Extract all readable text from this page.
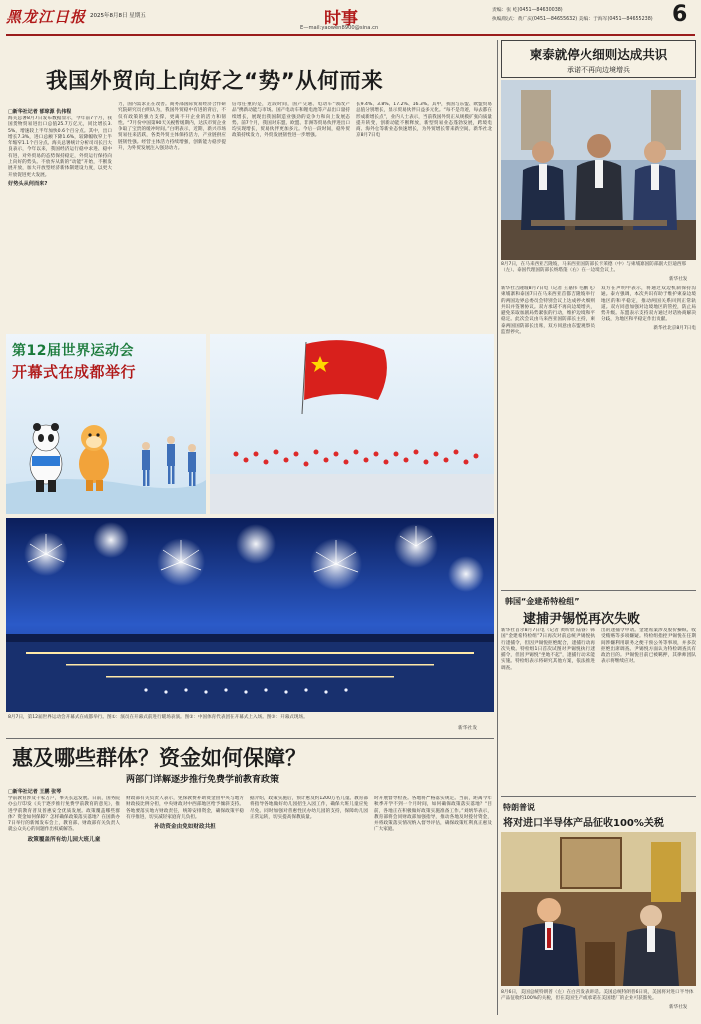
黑龙江日报 2025年8月8日 星期五	时事
E—mail:yaowen8900@sina.cn
责编：张 屹(0451—84630038)
执编/版式：黄广庆(0451—84655632) 美编：于海军(0451—84655238) 6
我国外贸向上向好之“势”从何而来
□新华社记者 郁琼源 仇伟程
海关总署8月7日发布数据显示，今年前7个月，我国货物贸易进出口总值25.7万亿元，同比增长3.5%，增速较上半年加快0.6个百分点。其中，出口增长7.3%，进口总额下降1.6%，较降幅收窄上半年缩窄1.1个百分点。海关总署统计分析司司长吕大良表示，今年以来，我国经济运行稳中求进、稳中有进，对外贸易的态势保持稳定，外贸运行保持向上向好的势头。不放弃从新的“动能”开始，不断发展开放，加大开放型经济新体制建设力度，以更大开放促进更大发展。
好势头从何而来?
力，国内需求正在改善。商务部国际贸易经济合作研究院研究员白明认为，我国外贸稳中有进的背后，不仅有政策的强力支撑，更离不开企业的活力和韧性。“7月份中国第90天关税暂缓期内，达沃市贸企业争取了宝贵的缓冲时间。”白明表示，近期，新兴市场贸易往来活跃，各类外贸主体保持活力，产业链供应链韧性强。经营主体活力持续增强，创新能力稳步提升，为外贸发展注入强劲动力。
信母任重的是，近段时间，国产交通、电动车“领改产品”携新动能与市场。国产电动车和锂电池等产品出口量持续增长，展现出我国制造业强劲的竞争力和向上发展态势。前7个月，我国对东盟、欧盟、非洲等贸易伙伴进出口均实现增长，贸易伙伴更加多元。今后一段时间，稳外贸政策持续发力，外贸发展韧性进一步增强。
长9.4%、3.8%、17.2%、16.3%。其中，我国与东盟、欧盟贸易总值分别增长，显示贸易伙伴日益多元化。“每不是奇迹，每去都在形成新增长点”，业内人士表示，当前我国外贸正从规模扩张向质量提升转变，创新动能不断释放，新型贸易业态蓬勃发展，跨境电商、海外仓等新业态快速增长，为外贸增长带来新空间。新华社北京8月7日电
第12届世界运动会
开幕式在成都举行
8月7日，第12届世界运动会开幕式在成都举行。图①：演员在开幕式前进行暖场表演。图②：中国体育代表团在开幕式上入场。图③：开幕式现场。
新华社发
柬泰就停火细则达成共识
承诺不再向边境增兵
8月7日，在马来西亚吉隆坡，马来西亚国防部长卡莱德（中）与柬埔寨国防部副大臣迪西那（左）、泰国代理国防部长纳塔蓬（右）在一边境会议上。
新华社发
新华社吉隆坡8月7日电（记者 王嘉伟 毛鹏飞）柬埔寨和泰国7日在马来西亚首都吉隆坡举行的两国边界总委员会特别会议上达成停火细则共识并签署协议。双方承诺不再向边境增兵，避免采取加剧局势紧张的行动，维护边境和平稳定。此次会议由马来西亚国防部长主持，柬泰两国国防部长出席，双方同意由东盟观察员监督停火。
双方在声明中表示，将通过双边机制保持沟通。泰方强调，本次共识有助于维护柬泰边境地区的和平稳定，推动两国关系回到正常轨道。双方同意加强对边境地区的管控，防止局势升级。东盟表示支持双方通过对话协商解决分歧，为地区和平稳定作出贡献。
新华社北京8月7日电
韩国“金建希特检组”
逮捕尹锡悦再次失败
新华社首尔8月7日电（记者 黄昕欣 陆睿）韩国“金建希特检组”7日再次对前总统尹锡悦执行逮捕令，但因尹锡悦拒绝配合，逮捕行动再次失败。特检组1日首次试图对尹锡悦执行逮捕令，但因尹锡悦“坐地不起”，逮捕行动未能实施。特检组表示将研究其他方案，依法推进调查。
出的逮捕令申请。金建希案涉及股价操纵、收受贿赂等多项嫌疑。特检组指控尹锡悦在任期间涉嫌利用职务之便干预公务等事项，并多次拒绝出席调查。尹锡悦方面认为特检调查具有政治目的。尹锡悦目前已被羁押，其律师团队表示将继续应对。
特朗普说
将对进口半导体产品征收100%关税
8月6日，美国总统特朗普（左）在白宫发表讲话。美国总统特朗普6日说，美国将对进口半导体产品征收约100%的关税，但在美国生产或承诺在美国建厂的企业可获豁免。
新华社发
惠及哪些群体？资金如何保障？
两部门详解逐步推行免费学前教育政策
□新华社记者 王鹏 张琴
学前教育涉及千家万户，事关长远发展。日前，国务院办公厅印发《关于逐步推行免费学前教育的意见》，推进学前教育普及普惠安全优质发展。政策覆盖哪些群体？资金如何保障？怎样确保政策落实落地？在国新办7日举行的新闻发布会上，教育部、财政部有关负责人就公众关心的问题作出权威解答。
政策覆盖所有幼儿园大班儿童
财政部有关负责人表示，免保教费补助资金由中央与地方财政按比例分担，中央财政对中西部地区给予倾斜支持。各地要落实地方财政责任，统筹安排资金，确保政策平稳有序推进，切实减轻家庭育儿负担。
补助资金由免如财政共担
据介绍，政策实施后，预计惠及约1200万名儿童。教育部将指导各地做好幼儿园招生入园工作，确保大班儿童应免尽免。同时加强对普惠性民办幼儿园的支持，保障幼儿园正常运转，切实提高保教质量。
时开展督导检查。各地将严格落实规定。当前，距离今年秋季开学不到一个月时间，如何确保政策落实落地？“目前，各地正在积极做好政策实施准备工作。”刘炳华表示，教育部将会同财政部加强指导，推动各地及时拨付资金，并将政策落实情况纳入督导评估，确保政策红利真正惠及广大家庭。
